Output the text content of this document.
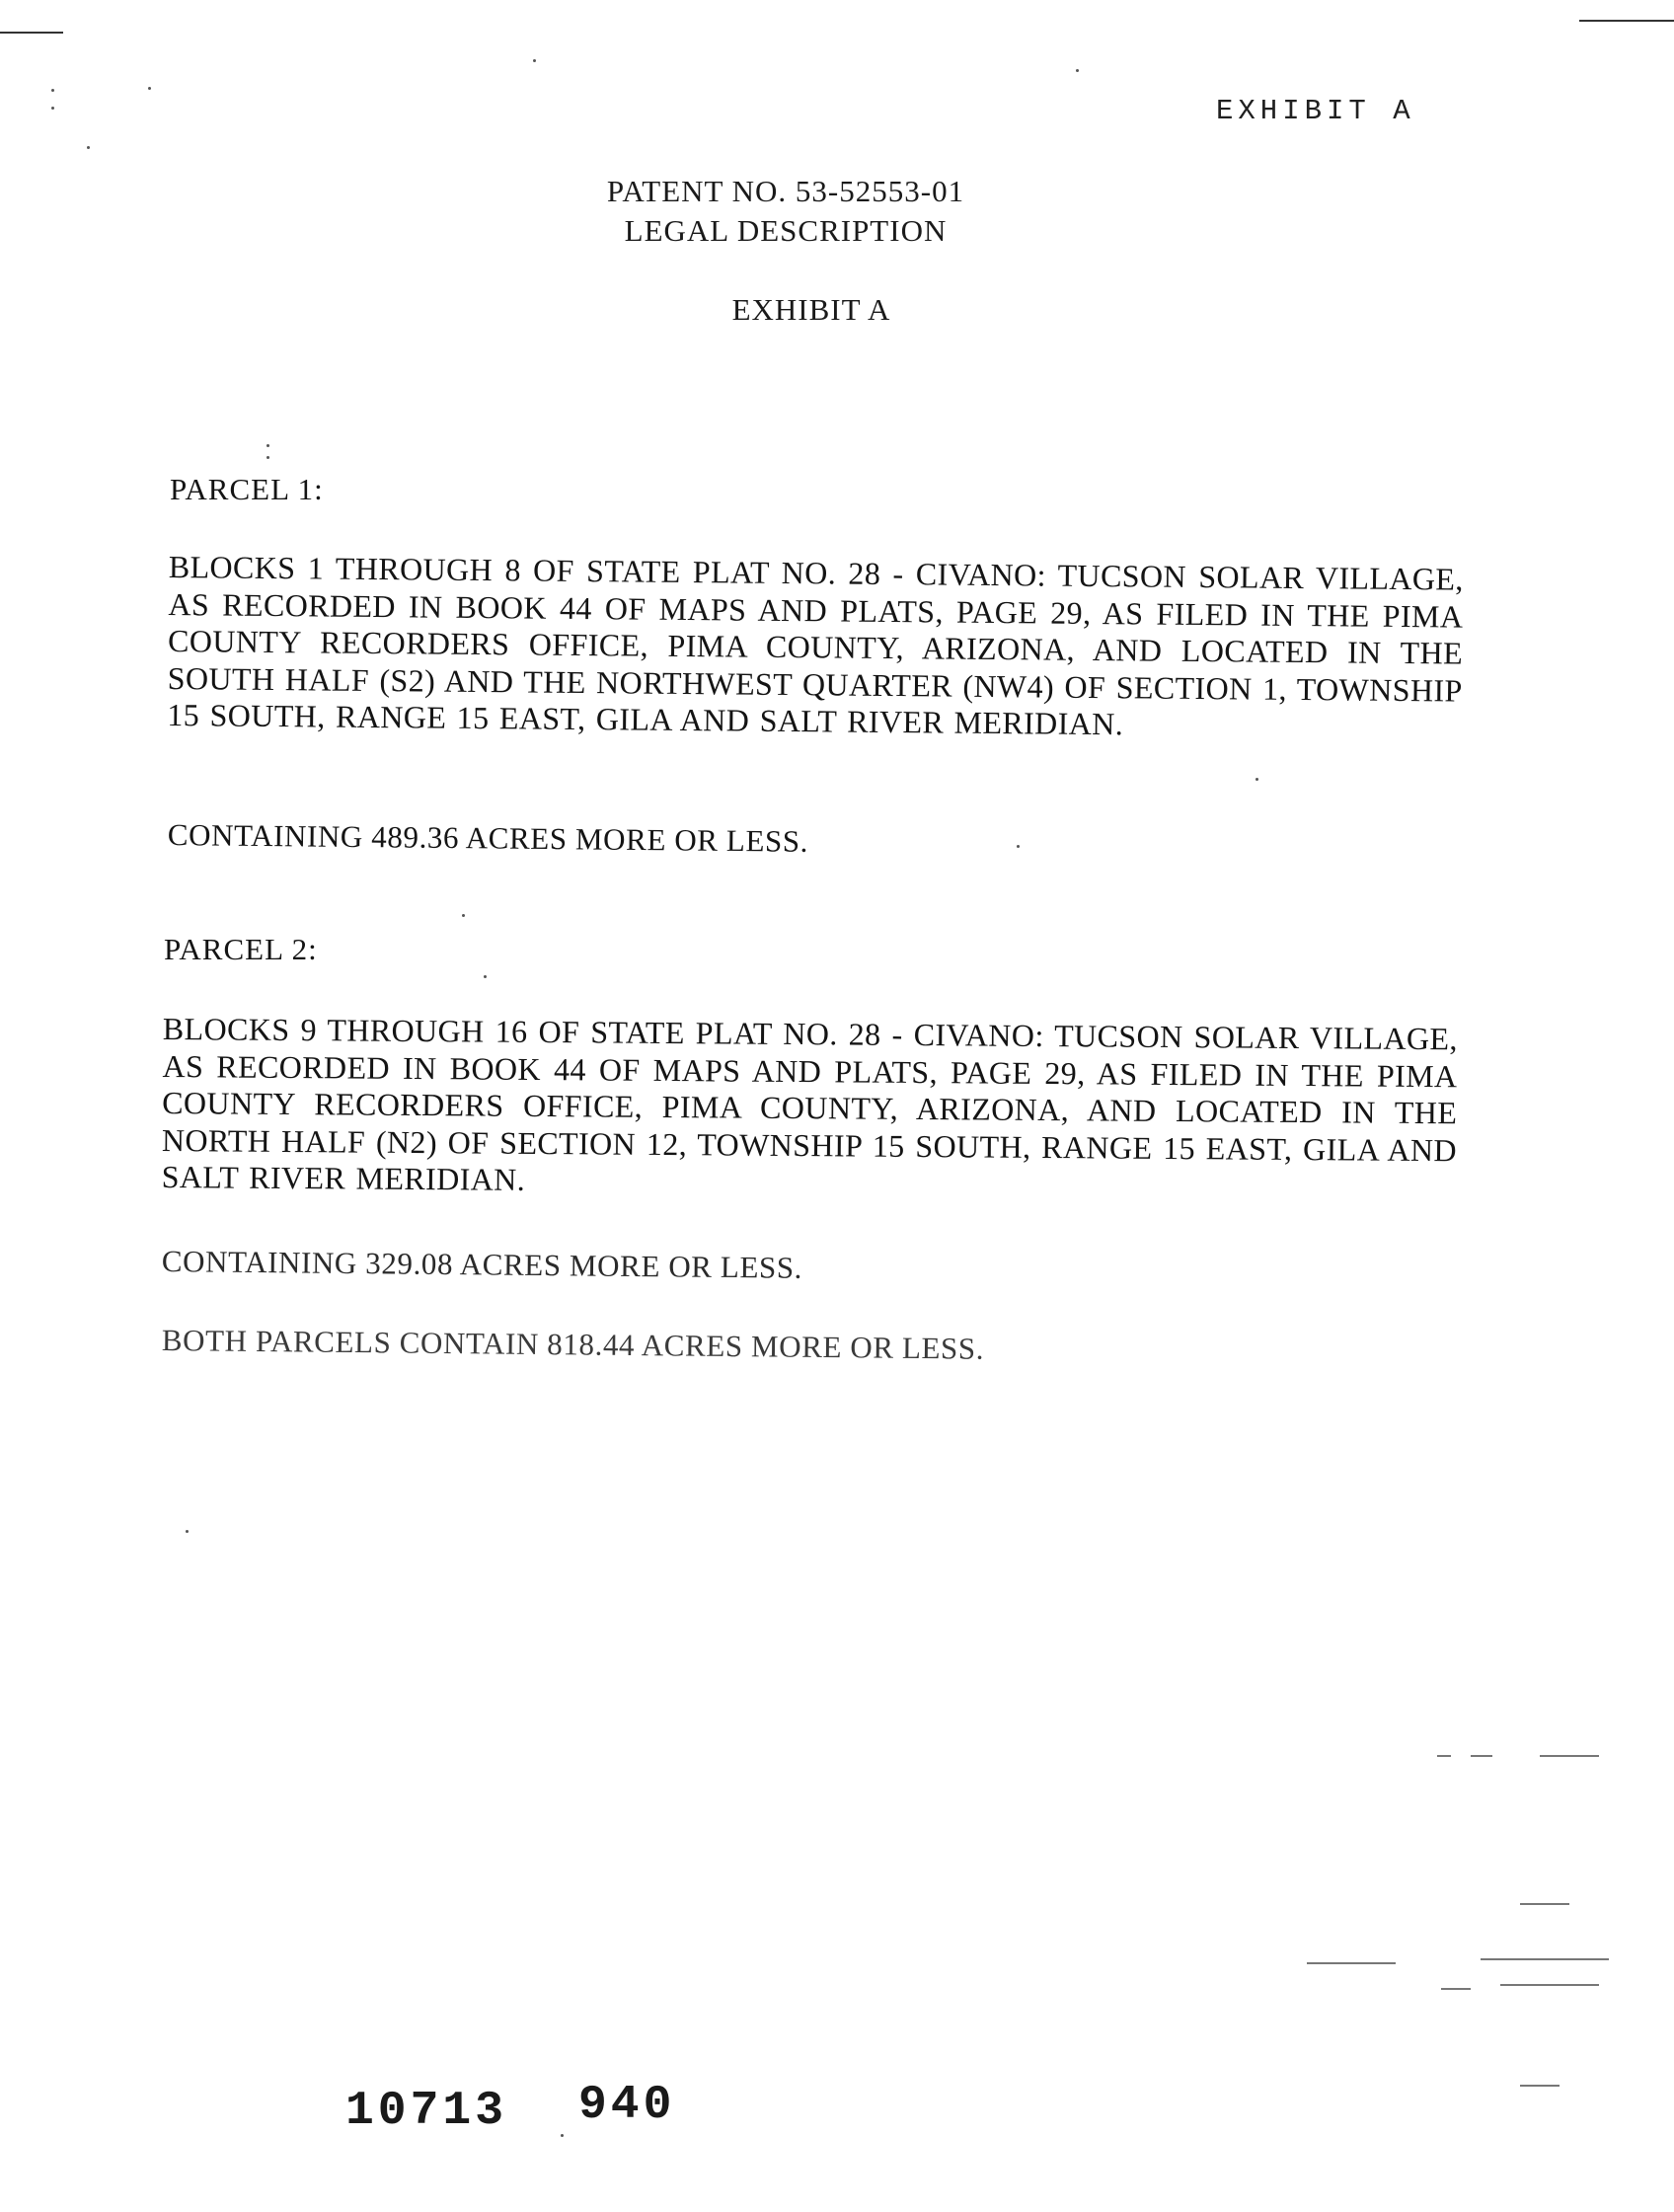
EXHIBIT A
PATENT NO. 53-52553-01
LEGAL DESCRIPTION
EXHIBIT A
PARCEL 1:
BLOCKS 1 THROUGH 8 OF STATE PLAT NO. 28 - CIVANO: TUCSON SOLAR VILLAGE, AS RECORDED IN BOOK 44 OF MAPS AND PLATS, PAGE 29, AS FILED IN THE PIMA COUNTY RECORDERS OFFICE, PIMA COUNTY, ARIZONA, AND LOCATED IN THE SOUTH HALF (S2) AND THE NORTHWEST QUARTER (NW4) OF SECTION 1, TOWNSHIP 15 SOUTH, RANGE 15 EAST, GILA AND SALT RIVER MERIDIAN.
CONTAINING 489.36 ACRES MORE OR LESS.
PARCEL 2:
BLOCKS 9 THROUGH 16 OF STATE PLAT NO. 28 - CIVANO: TUCSON SOLAR VILLAGE, AS RECORDED IN BOOK 44 OF MAPS AND PLATS, PAGE 29, AS FILED IN THE PIMA COUNTY RECORDERS OFFICE, PIMA COUNTY, ARIZONA, AND LOCATED IN THE NORTH HALF (N2) OF SECTION 12, TOWNSHIP 15 SOUTH, RANGE 15 EAST, GILA AND SALT RIVER MERIDIAN.
CONTAINING 329.08 ACRES MORE OR LESS.
BOTH PARCELS CONTAIN 818.44 ACRES MORE OR LESS.
10713 940
